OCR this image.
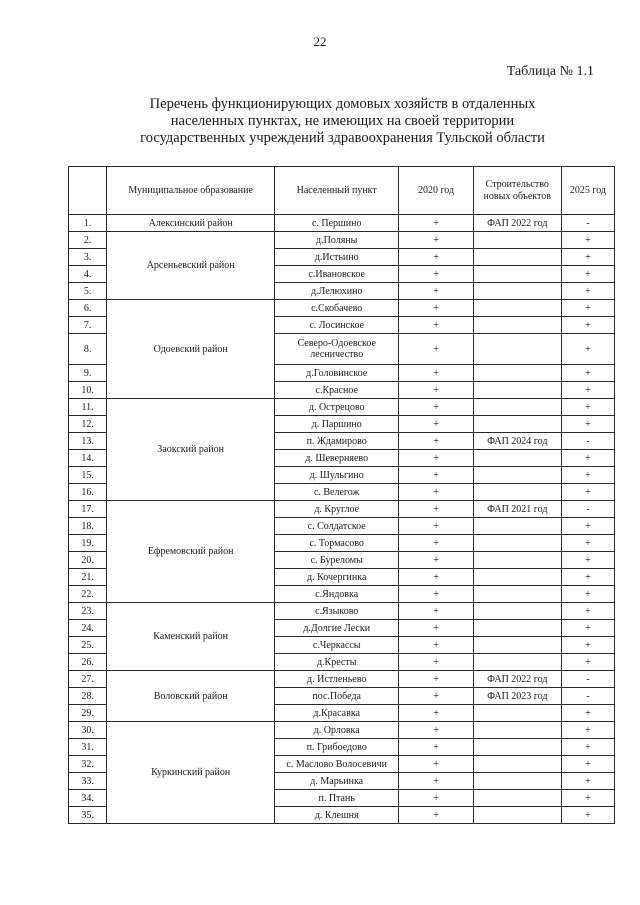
22
Таблица № 1.1
Перечень функционирующих домовых хозяйств в отдаленных
населенных пунктах, не имеющих на своей территории
государственных учреждений здравоохранения Тульской области
	Муниципальное образование	Населенный пункт	2020 год	Строительство новых объектов	2025 год
1.	Алексинский район	с. Першино	+	ФАП 2022 год	-
2.	Арсеньевский район	д.Поляны	+		+
3.		д.Истьино	+		+
4.		с.Ивановское	+		+
5.		д.Лелюхино	+		+
6.	Одоевский район	с.Скобачево	+		+
7.		с. Лосинское	+		+
8.		Северо-Одоевское лесничество	+		+
9.		д.Головинское	+		+
10.		с.Красное	+		+
11.	Заокский район	д. Острецово	+		+
12.		д. Паршино	+		+
13.		п. Ждамирово	+	ФАП 2024 год	-
14.		д. Шеверняево	+		+
15.		д. Шульгино	+		+
16.		с. Велегож	+		+
17.	Ефремовский район	д. Круглое	+	ФАП 2021 год	-
18.		с. Солдатское	+		+
19.		с. Тормасово	+		+
20.		с. Буреломы	+		+
21.		д. Кочергинка	+		+
22.		с.Яндовка	+		+
23.	Каменский район	с.Языково	+		+
24.		д.Долгие Лески	+		+
25.		с.Черкассы	+		+
26.		д.Кресты	+		+
27.	Воловский район	д. Истленьево	+	ФАП 2022 год	-
28.		пос.Победа	+	ФАП 2023 год	-
29.		д.Красавка	+		+
30.	Куркинский район	д. Орловка	+		+
31.		п. Грибоедово	+		+
32.		с. Маслово Волосевичи	+		+
33.		д. Марьинка	+		+
34.		п. Птань	+		+
35.		д. Клешня	+		+
